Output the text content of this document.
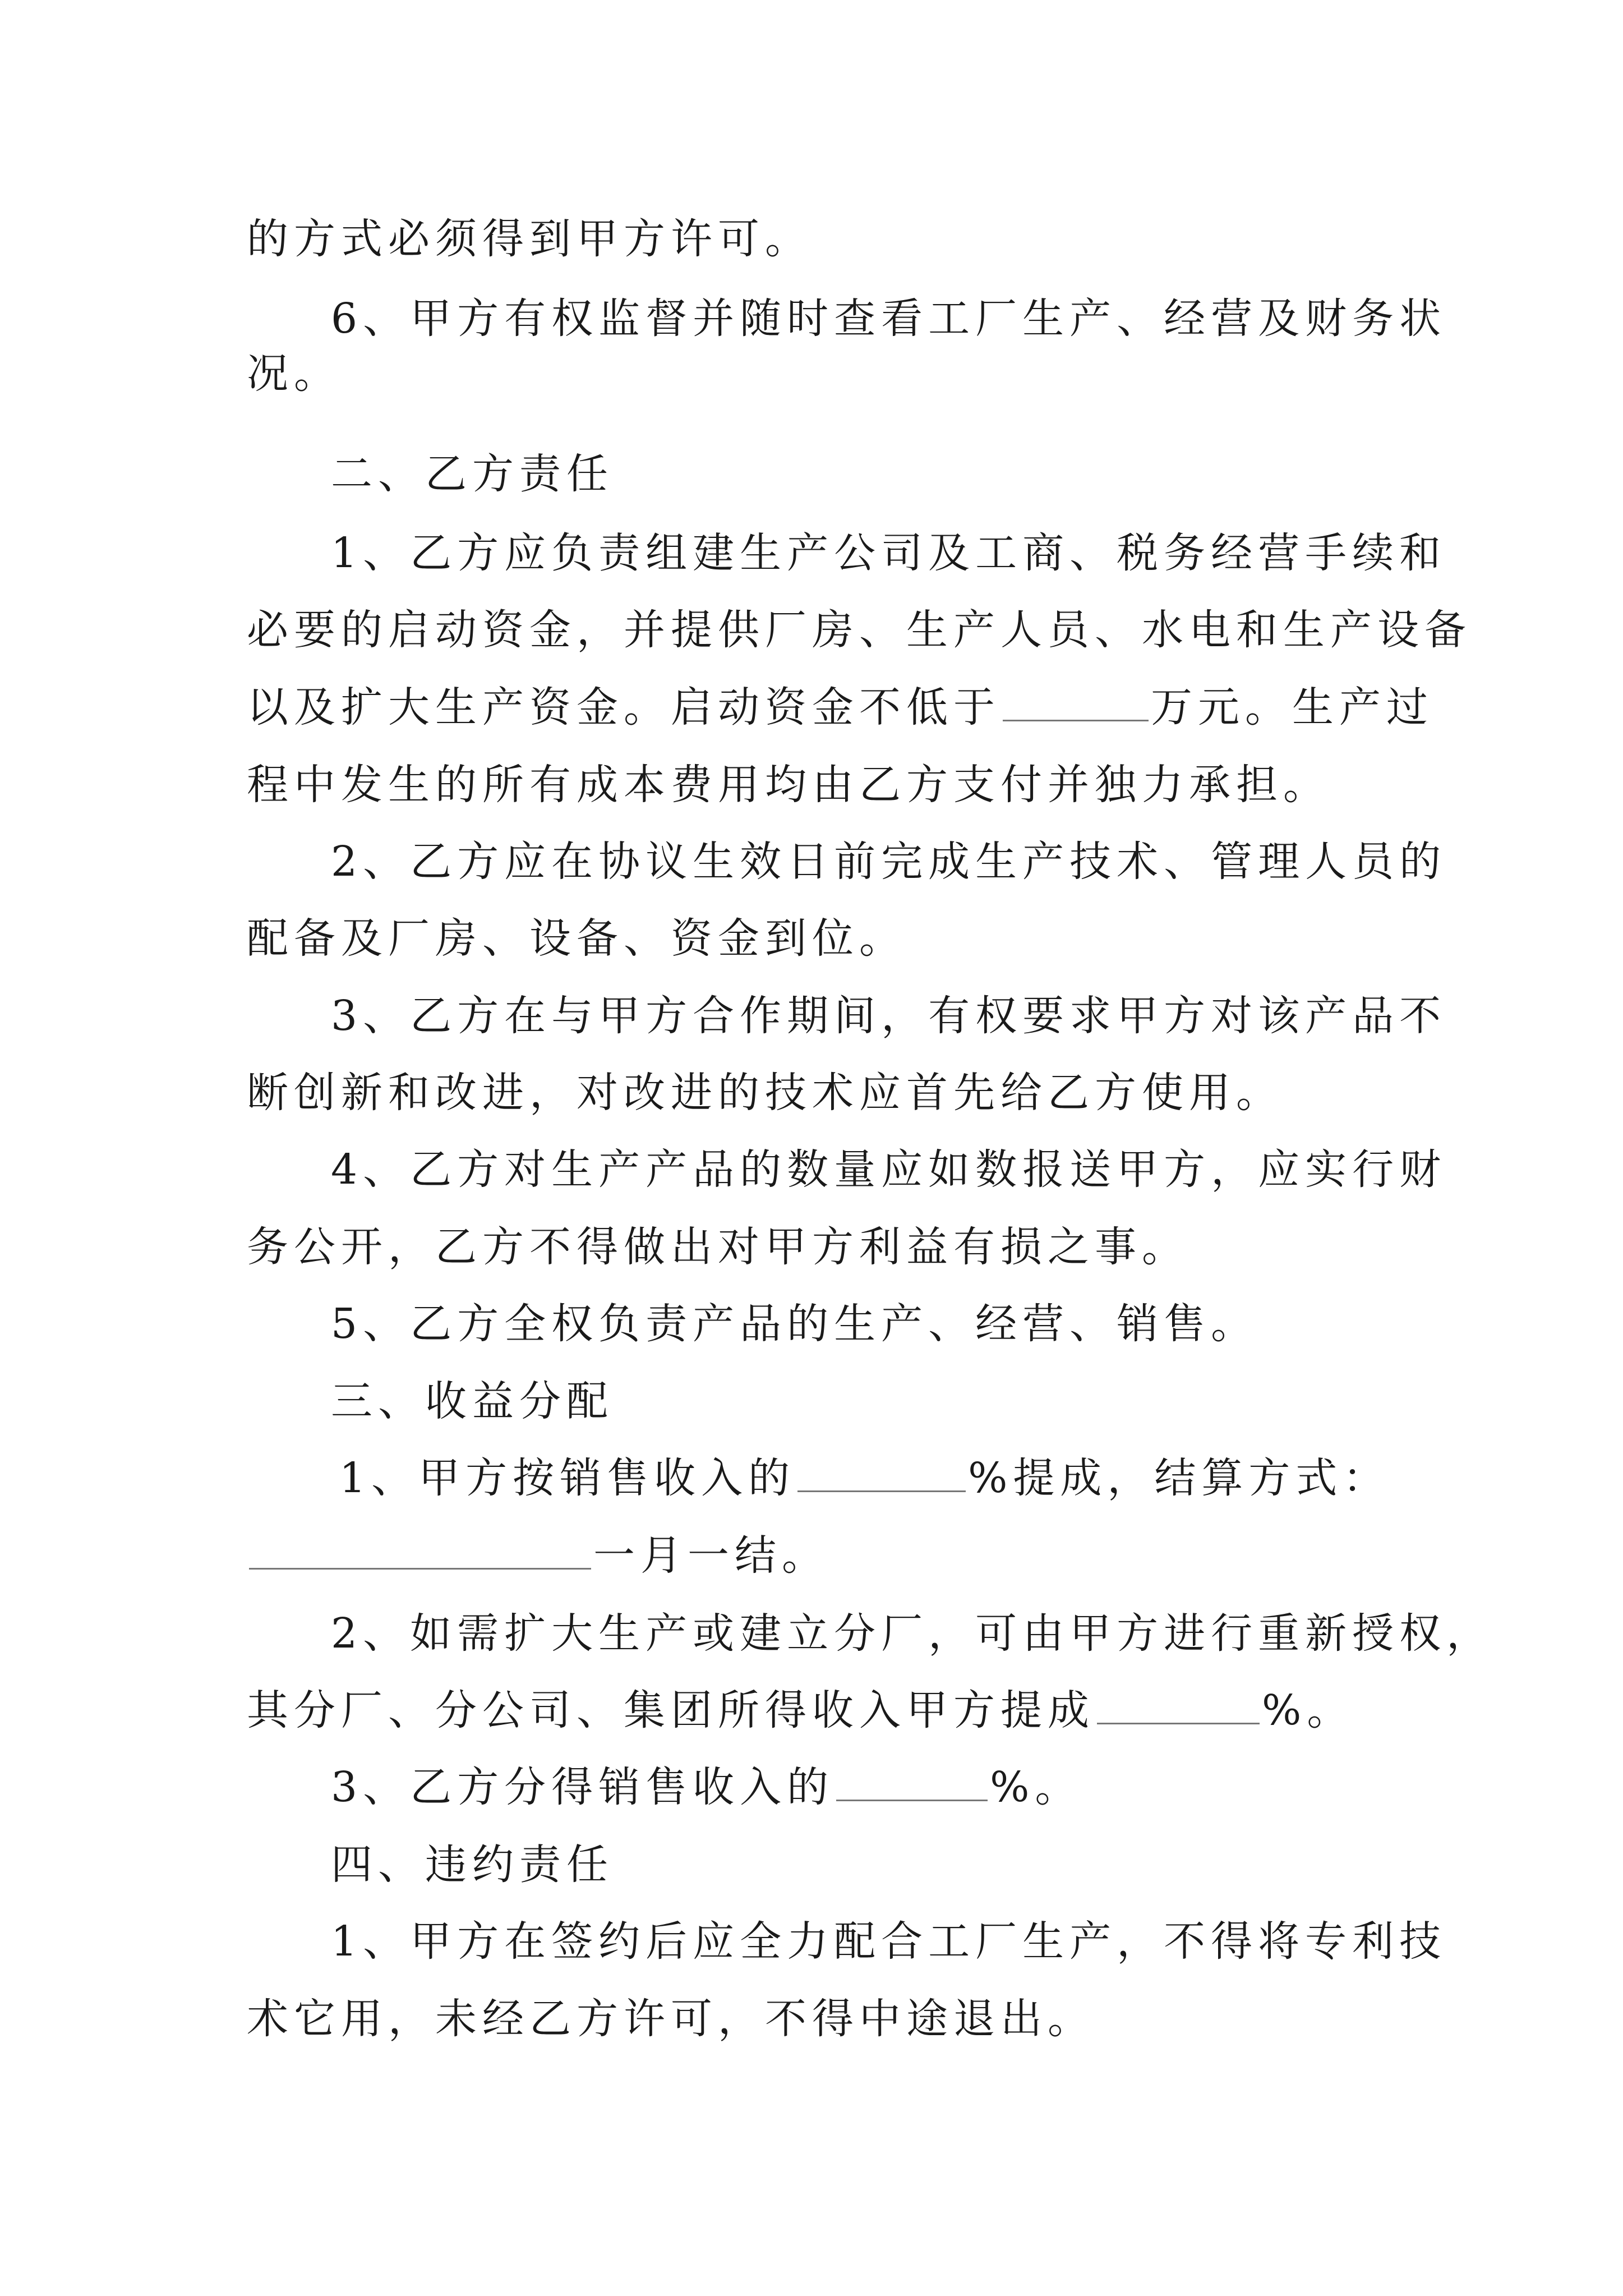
的方式必须得到甲方许可。
6、甲方有权监督并随时查看工厂生产、经营及财务状
况。
二、乙方责任
1、乙方应负责组建生产公司及工商、税务经营手续和
必要的启动资金，并提供厂房、生产人员、水电和生产设备
以及扩大生产资金。启动资金不低于	万元。生产过
程中发生的所有成本费用均由乙方支付并独力承担。
2、乙方应在协议生效日前完成生产技术、管理人员的
配备及厂房、设备、资金到位。
3、乙方在与甲方合作期间，有权要求甲方对该产品不
断创新和改进，对改进的技术应首先给乙方使用。
4、乙方对生产产品的数量应如数报送甲方，应实行财
务公开，乙方不得做出对甲方利益有损之事。
5、乙方全权负责产品的生产、经营、销售。
三、收益分配
1、甲方按销售收入的	%提成，结算方式：
一月一结。
2、如需扩大生产或建立分厂，可由甲方进行重新授权，
其分厂、分公司、集团所得收入甲方提成	%。
3、乙方分得销售收入的	%。
四、违约责任
1、甲方在签约后应全力配合工厂生产，不得将专利技
术它用，未经乙方许可，不得中途退出。
